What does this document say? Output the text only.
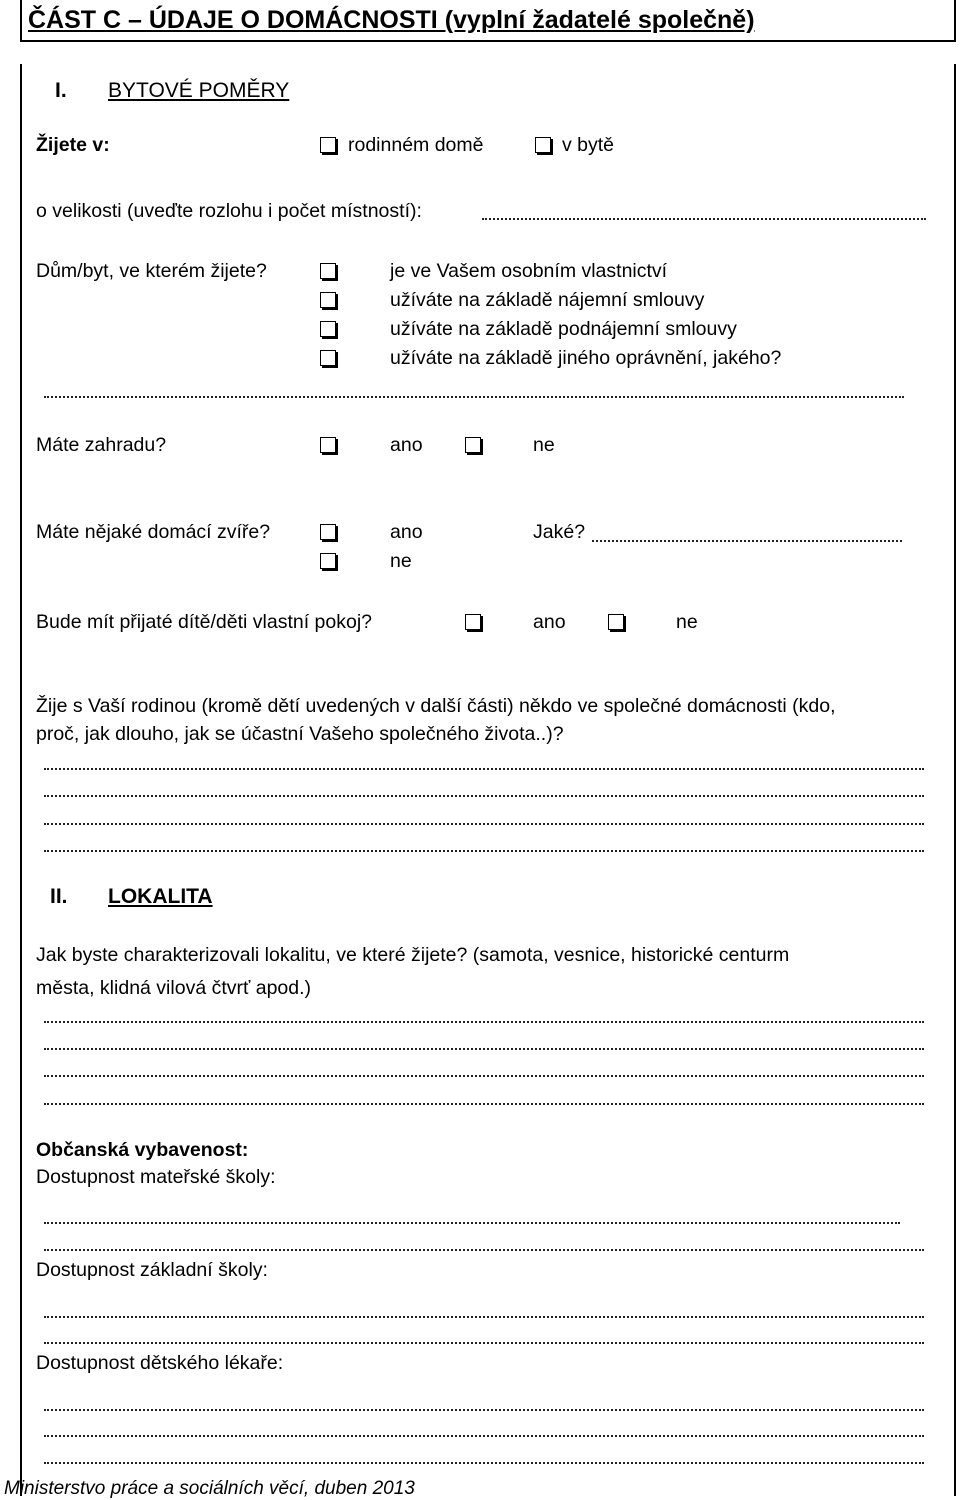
ČÁST C – ÚDAJE O DOMÁCNOSTI (vyplní žadatelé společně)
I. BYTOVÉ POMĚRY
Žijete v:	rodinném domě	v bytě
o velikosti (uveďte rozlohu i počet místností):
Dům/byt, ve kterém žijete?	je ve Vašem osobním vlastnictví
užíváte na základě nájemní smlouvy
užíváte na základě podnájemní smlouvy
užíváte na základě jiného oprávnění, jakého?
Máte zahradu?	ano	ne
Máte nějaké domácí zvíře?	ano	Jaké?
ne
Bude mít přijaté dítě/děti vlastní pokoj?	ano	ne
Žije s Vaší rodinou (kromě dětí uvedených v další části) někdo ve společné domácnosti (kdo,
proč, jak dlouho, jak se účastní Vašeho společného života..)?
II. LOKALITA
Jak byste charakterizovali lokalitu, ve které žijete? (samota, vesnice, historické centurm
města, klidná vilová čtvrť apod.)
Občanská vybavenost:
Dostupnost mateřské školy:
Dostupnost základní školy:
Dostupnost dětského lékaře:
Ministerstvo práce a sociálních věcí, duben 2013
